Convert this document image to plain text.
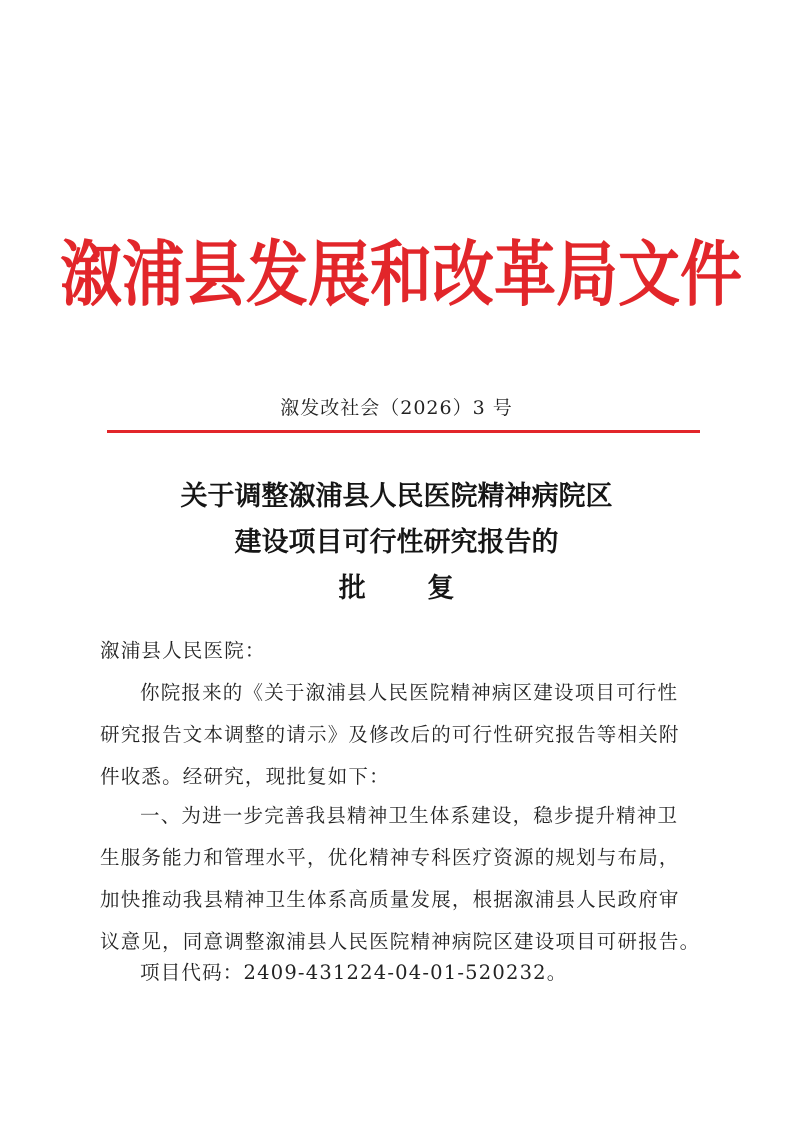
溆浦县发展和改革局文件
溆发改社会（2026）3 号
关于调整溆浦县人民医院精神病院区
建设项目可行性研究报告的
批 复
溆浦县人民医院：
你院报来的《关于溆浦县人民医院精神病区建设项目可行性
研究报告文本调整的请示》及修改后的可行性研究报告等相关附
件收悉。经研究，现批复如下：
一、为进一步完善我县精神卫生体系建设，稳步提升精神卫
生服务能力和管理水平，优化精神专科医疗资源的规划与布局，
加快推动我县精神卫生体系高质量发展，根据溆浦县人民政府审
议意见，同意调整溆浦县人民医院精神病院区建设项目可研报告。
项目代码：2409-431224-04-01-520232。
